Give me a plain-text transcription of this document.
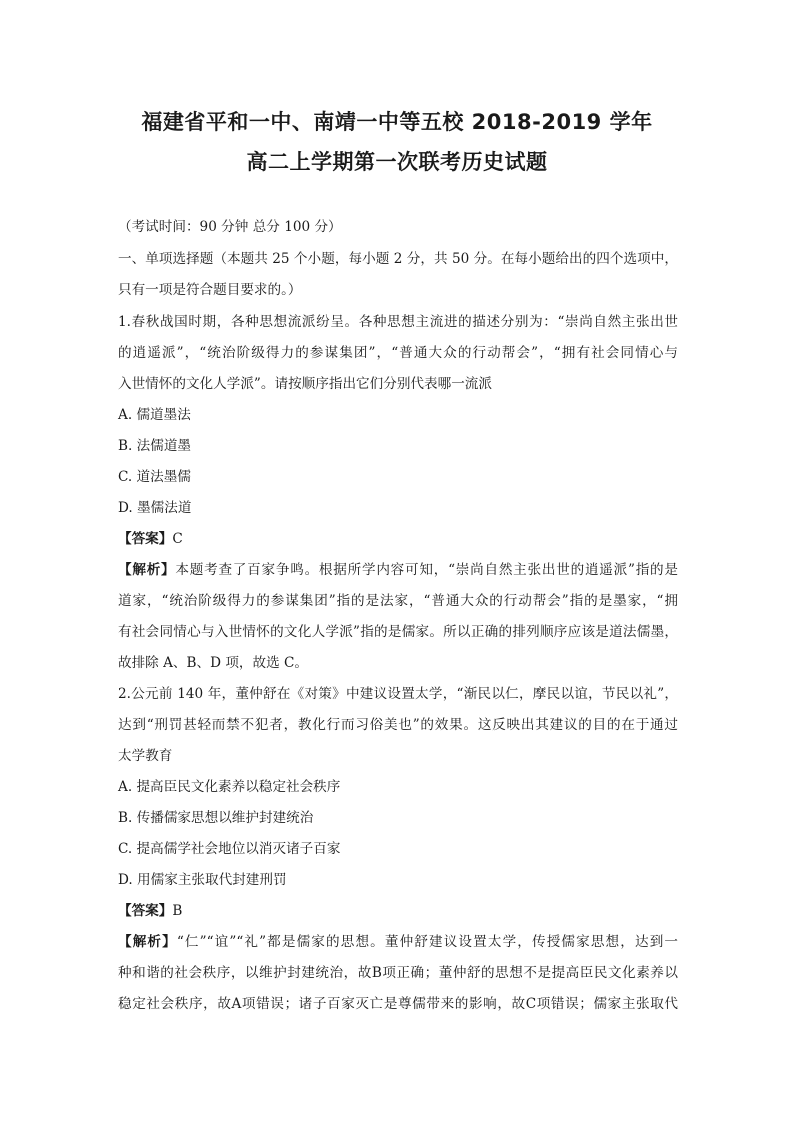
福建省平和一中、南靖一中等五校 2018-2019 学年
高二上学期第一次联考历史试题
（考试时间：90 分钟 总分 100 分）
一、单项选择题（本题共 25 个小题，每小题 2 分，共 50 分。在每小题给出的四个选项中，
只有一项是符合题目要求的。）
1.春秋战国时期，各种思想流派纷呈。各种思想主流进的描述分别为：“崇尚自然主张出世
的逍遥派”，“统治阶级得力的参谋集团”，“普通大众的行动帮会”，“拥有社会同情心与
入世情怀的文化人学派”。请按顺序指出它们分别代表哪一流派
A. 儒道墨法
B. 法儒道墨
C. 道法墨儒
D. 墨儒法道
【答案】C
【解析】本题考查了百家争鸣。根据所学内容可知，“崇尚自然主张出世的逍遥派”指的是
道家，“统治阶级得力的参谋集团”指的是法家，“普通大众的行动帮会”指的是墨家，“拥
有社会同情心与入世情怀的文化人学派”指的是儒家。所以正确的排列顺序应该是道法儒墨，
故排除 A、B、D 项，故选 C。
2.公元前 140 年，董仲舒在《对策》中建议设置太学，“渐民以仁，摩民以谊，节民以礼”，
达到“刑罚甚轻而禁不犯者，教化行而习俗美也”的效果。这反映出其建议的目的在于通过
太学教育
A. 提高臣民文化素养以稳定社会秩序
B. 传播儒家思想以维护封建统治
C. 提高儒学社会地位以消灭诸子百家
D. 用儒家主张取代封建刑罚
【答案】B
【解析】“仁”“谊”“礼”都是儒家的思想。董仲舒建议设置太学，传授儒家思想，达到一
种和谐的社会秩序，以维护封建统治，故B项正确；董仲舒的思想不是提高臣民文化素养以
稳定社会秩序，故A项错误；诸子百家灭亡是尊儒带来的影响，故C项错误；儒家主张取代
